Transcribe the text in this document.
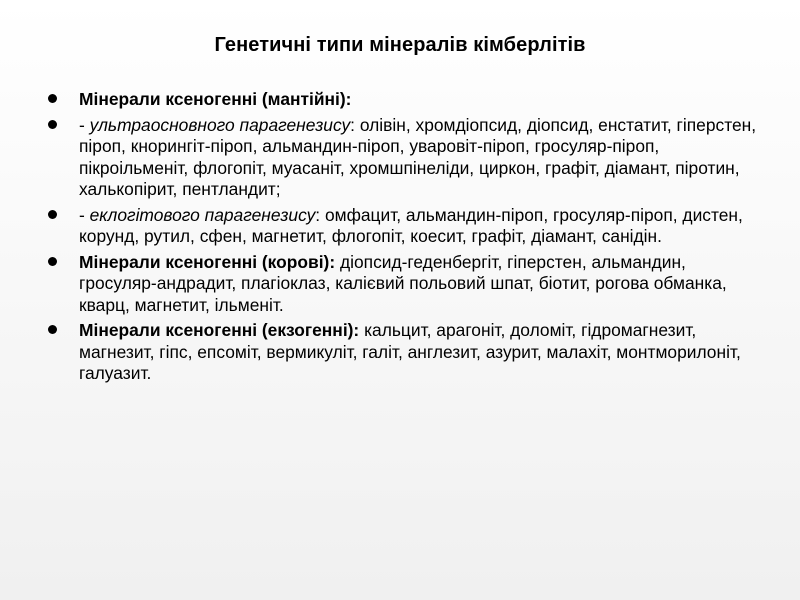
Генетичні типи мінералів кімберлітів
Мінерали ксеногенні (мантійні):
- ультраосновного парагенезису: олівін, хромдіопсид, діопсид, енстатит, гіперстен, піроп, кнорингіт-піроп, альмандин-піроп, уваровіт-піроп, гросуляр-піроп, пікроільменіт, флогопіт, муасаніт, хромшпінеліди, циркон, графіт, діамант, піротин, халькопірит, пентландит;
- еклогітового парагенезису: омфацит, альмандин-піроп, гросуляр-піроп, дистен, корунд, рутил, сфен, магнетит, флогопіт, коесит, графіт, діамант, санідін.
Мінерали ксеногенні (корові): діопсид-геденбергіт, гіперстен, альмандин, гросуляр-андрадит, плагіоклаз, калієвий польовий шпат, біотит, рогова обманка, кварц, магнетит, ільменіт.
Мінерали ксеногенні (екзогенні): кальцит, арагоніт, доломіт, гідромагнезит, магнезит, гіпс, епсоміт, вермикуліт, галіт, англезит, азурит, малахіт, монтморилоніт, галуазит.
